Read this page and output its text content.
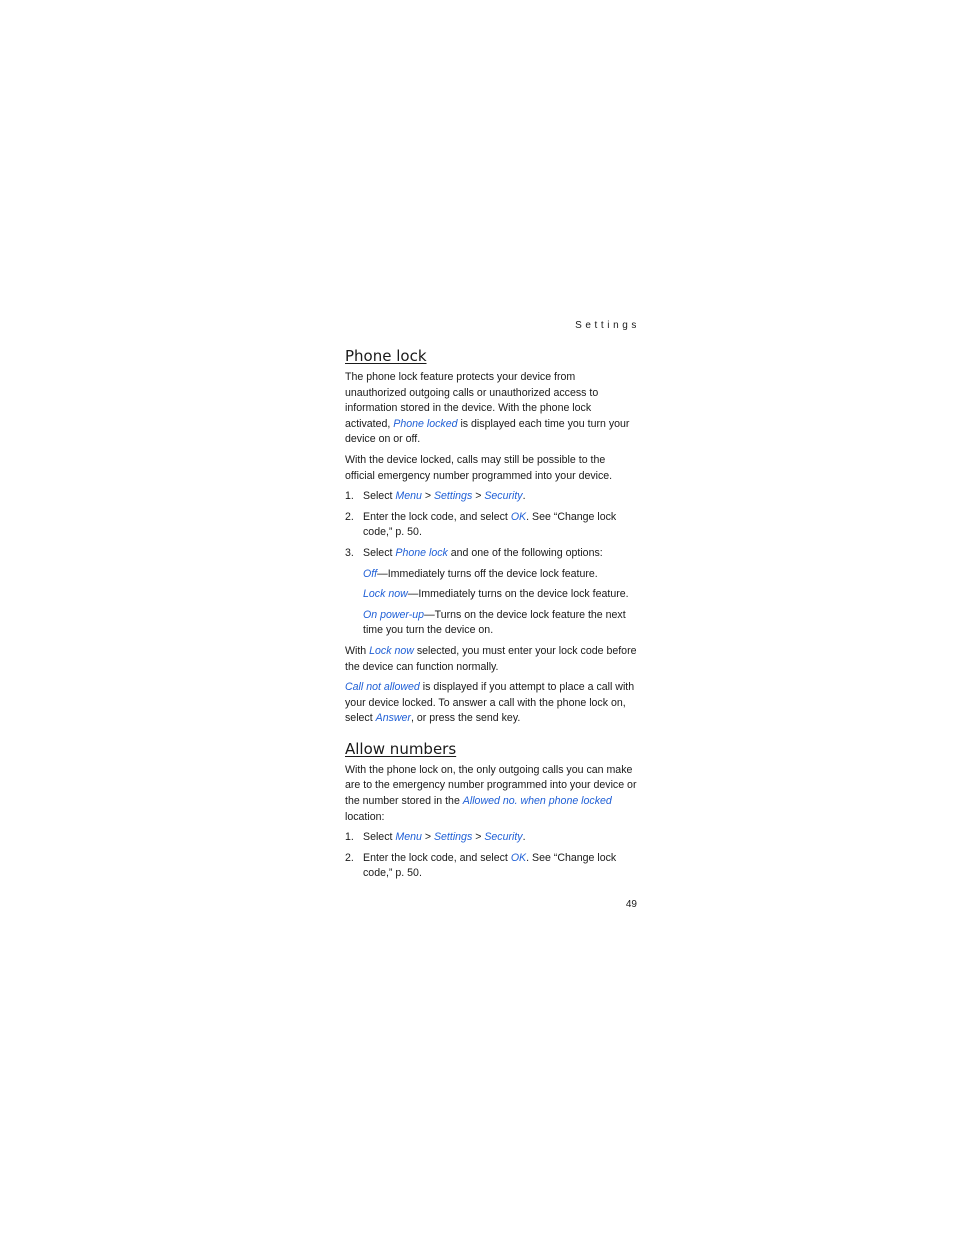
Settings
Phone lock

The phone lock feature protects your device from unauthorized outgoing calls or unauthorized access to information stored in the device. With the phone lock activated, Phone locked is displayed each time you turn your device on or off.

With the device locked, calls may still be possible to the official emergency number programmed into your device.

1. Select Menu > Settings > Security.
2. Enter the lock code, and select OK. See “Change lock code,” p. 50.
3. Select Phone lock and one of the following options:

Off—Immediately turns off the device lock feature.

Lock now—Immediately turns on the device lock feature.

On power-up—Turns on the device lock feature the next time you turn the device on.

With Lock now selected, you must enter your lock code before the device can function normally.

Call not allowed is displayed if you attempt to place a call with your device locked. To answer a call with the phone lock on, select Answer, or press the send key.

Allow numbers

With the phone lock on, the only outgoing calls you can make are to the emergency number programmed into your device or the number stored in the Allowed no. when phone locked location:

1. Select Menu > Settings > Security.
2. Enter the lock code, and select OK. See “Change lock code,” p. 50.
49
